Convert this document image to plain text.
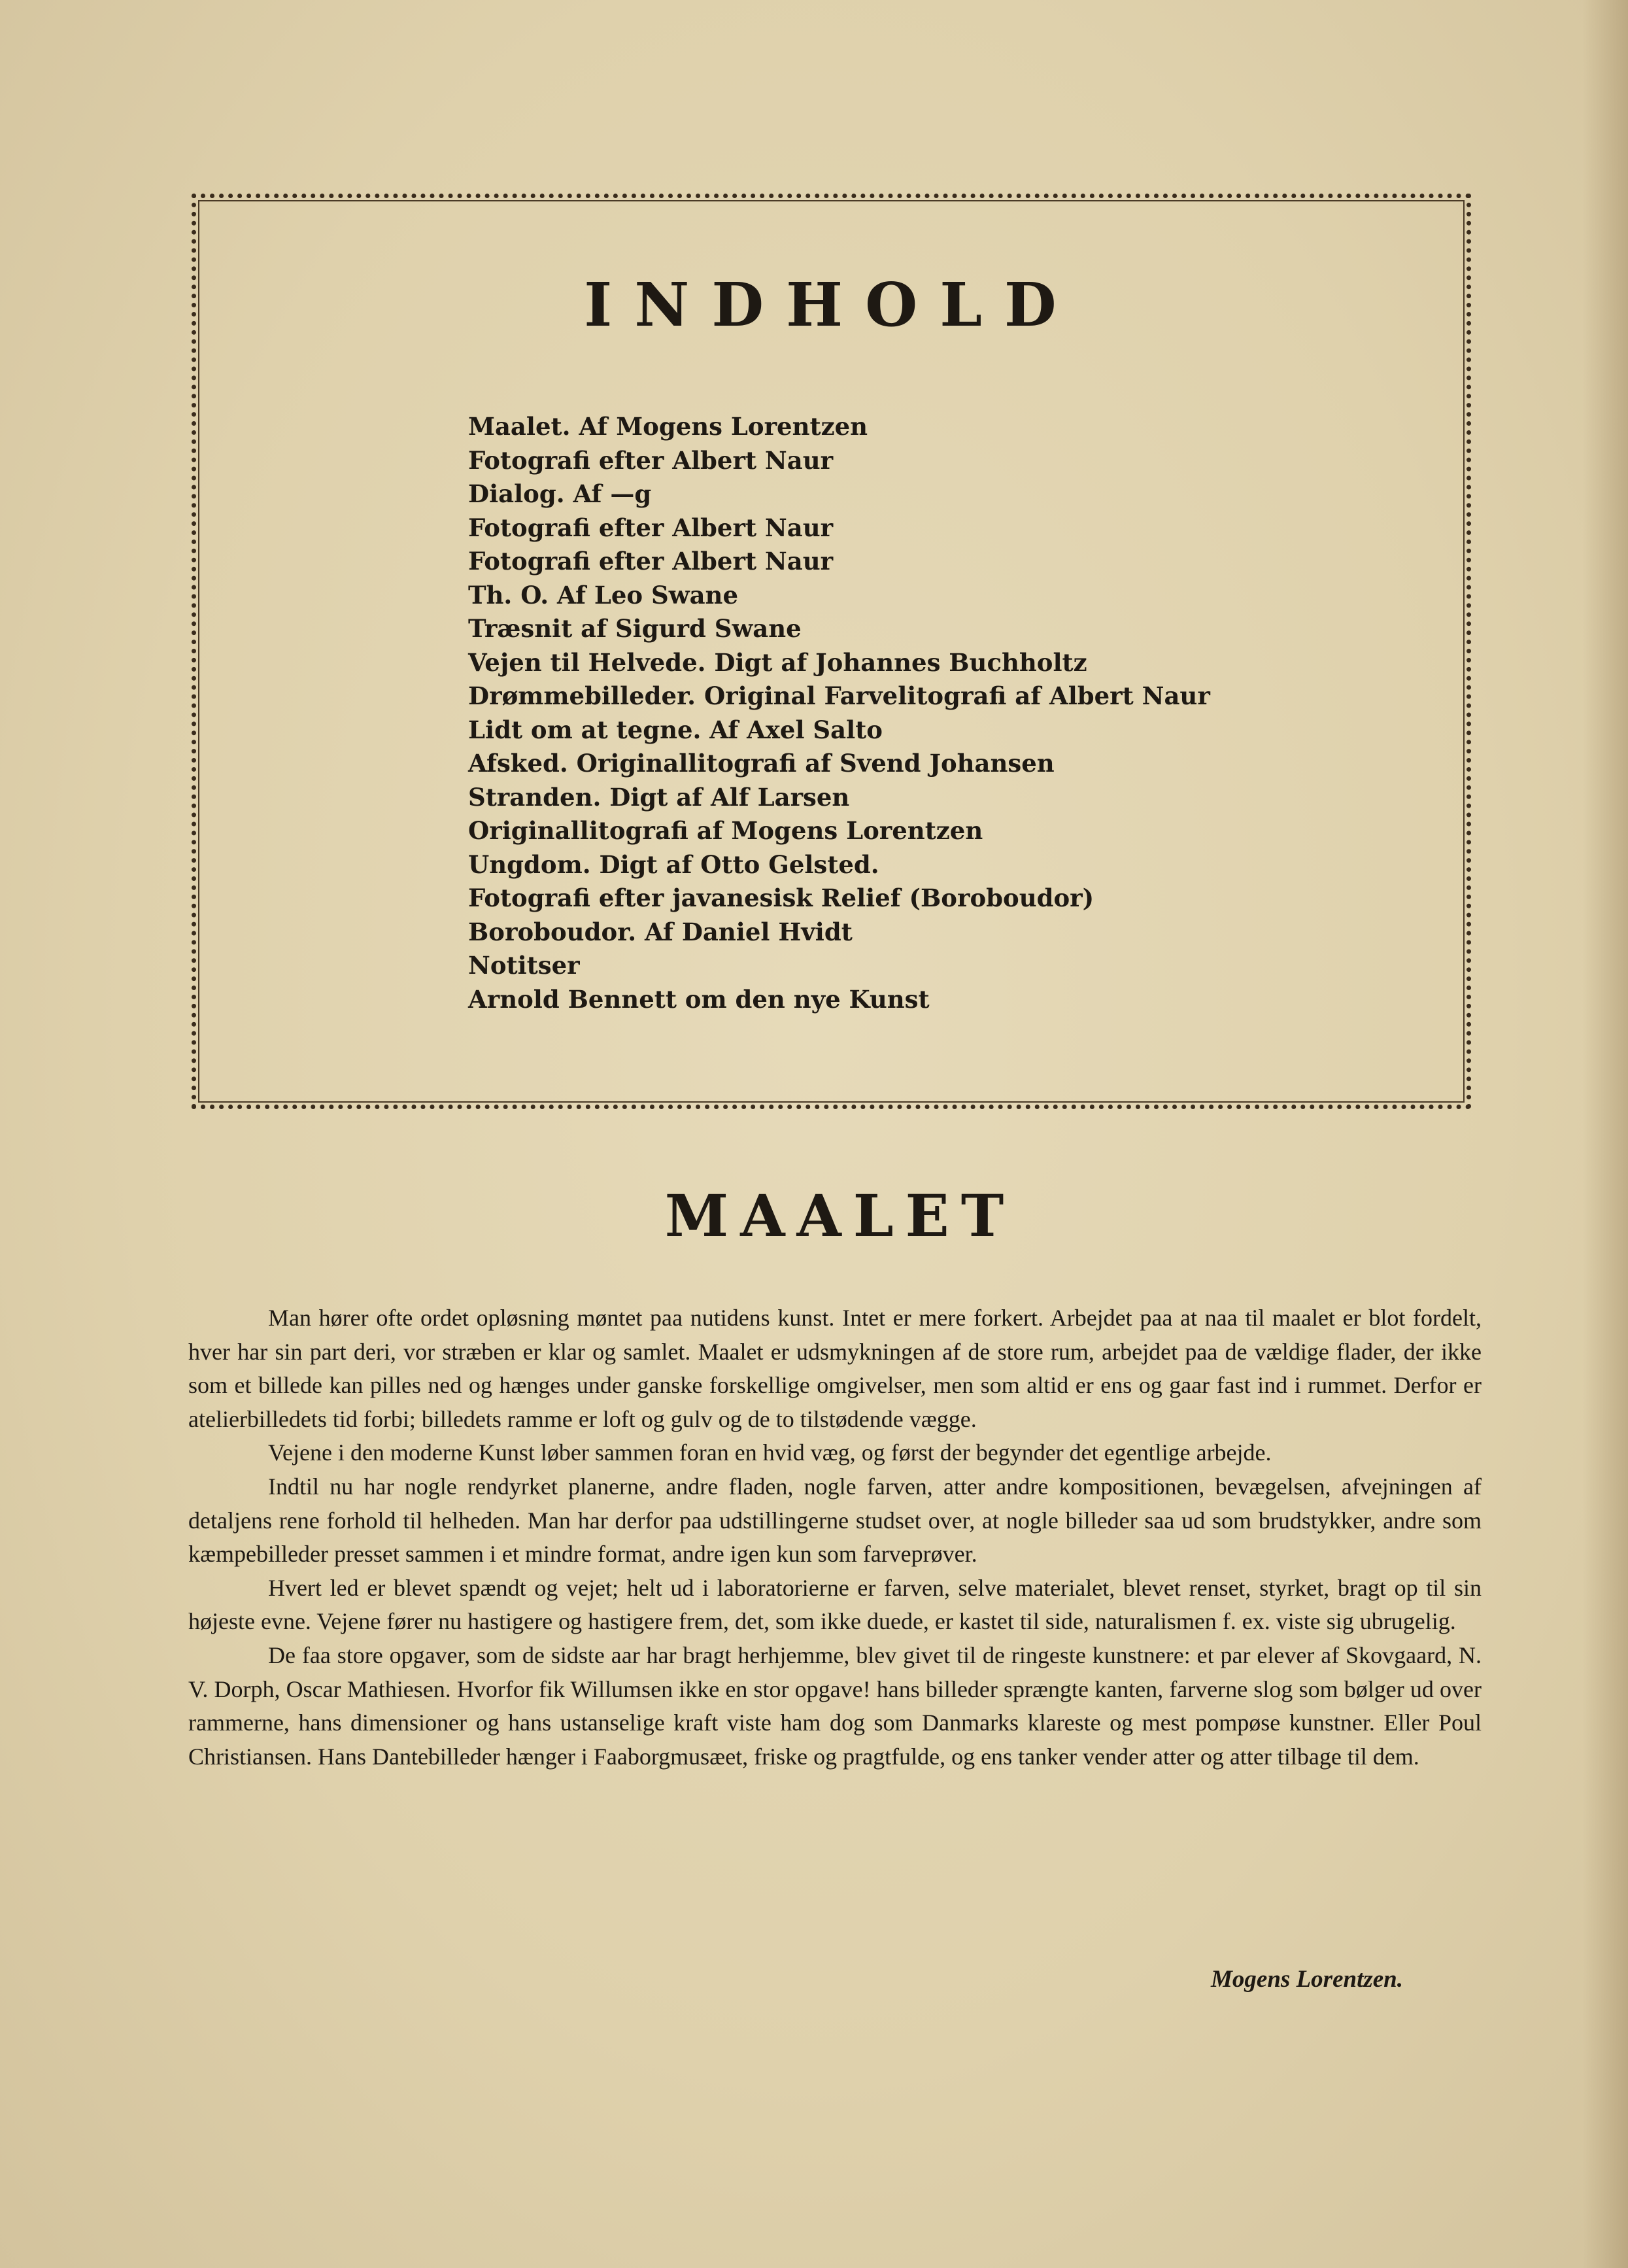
INDHOLD
Maalet. Af Mogens Lorentzen
Fotografi efter Albert Naur
Dialog. Af —g
Fotografi efter Albert Naur
Fotografi efter Albert Naur
Th. O. Af Leo Swane
Træsnit af Sigurd Swane
Vejen til Helvede. Digt af Johannes Buchholtz
Drømmebilleder. Original Farvelitografi af Albert Naur
Lidt om at tegne. Af Axel Salto
Afsked. Originallitografi af Svend Johansen
Stranden. Digt af Alf Larsen
Originallitografi af Mogens Lorentzen
Ungdom. Digt af Otto Gelsted.
Fotografi efter javanesisk Relief (Boroboudor)
Boroboudor. Af Daniel Hvidt
Notitser
Arnold Bennett om den nye Kunst
MAALET

Man hører ofte ordet opløsning møntet paa nutidens kunst. Intet er mere forkert. Arbejdet paa at naa til maalet er blot fordelt, hver har sin part deri, vor stræben er klar og samlet. Maalet er udsmykningen af de store rum, arbejdet paa de vældige flader, der ikke som et billede kan pilles ned og hænges under ganske forskellige omgivelser, men som altid er ens og gaar fast ind i rummet. Derfor er atelierbilledets tid forbi; billedets ramme er loft og gulv og de to tilstødende vægge.

Vejene i den moderne Kunst løber sammen foran en hvid væg, og først der begynder det egentlige arbejde.

Indtil nu har nogle rendyrket planerne, andre fladen, nogle farven, atter andre kompositionen, bevægelsen, afvejningen af detaljens rene forhold til helheden. Man har derfor paa udstillingerne studset over, at nogle billeder saa ud som brudstykker, andre som kæmpebilleder presset sammen i et mindre format, andre igen kun som farveprøver.

Hvert led er blevet spændt og vejet; helt ud i laboratorierne er farven, selve materialet, blevet renset, styrket, bragt op til sin højeste evne. Vejene fører nu hastigere og hastigere frem, det, som ikke duede, er kastet til side, naturalismen f. ex. viste sig ubrugelig.

De faa store opgaver, som de sidste aar har bragt herhjemme, blev givet til de ringeste kunstnere: et par elever af Skovgaard, N. V. Dorph, Oscar Mathiesen. Hvorfor fik Willumsen ikke en stor opgave! hans billeder sprængte kanten, farverne slog som bølger ud over rammerne, hans dimensioner og hans ustanselige kraft viste ham dog som Danmarks klareste og mest pompøse kunstner. Eller Poul Christiansen. Hans Dantebilleder hænger i Faaborgmusæet, friske og pragtfulde, og ens tanker vender atter og atter tilbage til dem.

Mogens Lorentzen.
